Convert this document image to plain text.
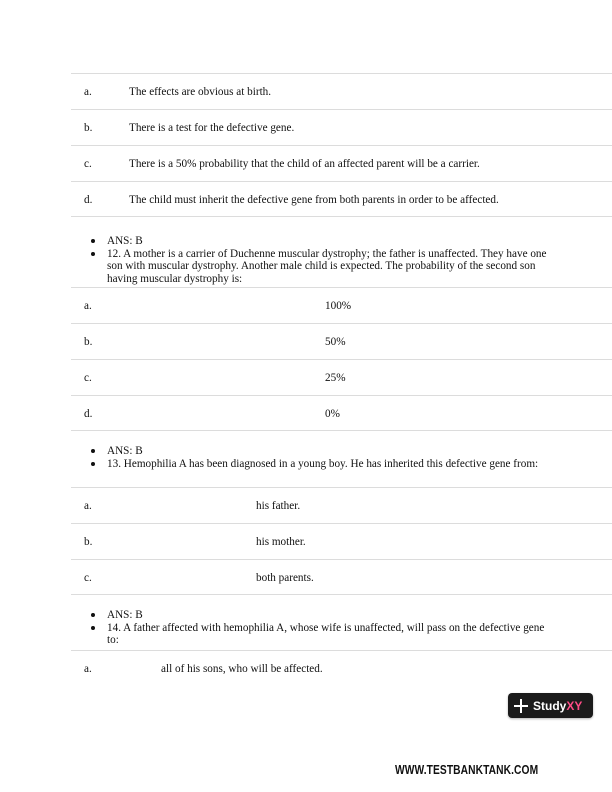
a.	The effects are obvious at birth.
b.	There is a test for the defective gene.
c.	There is a 50% probability that the child of an affected parent will be a carrier.
d.	The child must inherit the defective gene from both parents in order to be affected.
ANS: B
12. A mother is a carrier of Duchenne muscular dystrophy; the father is unaffected. They have one son with muscular dystrophy. Another male child is expected. The probability of the second son having muscular dystrophy is:
a.	100%
b.	50%
c.	25%
d.	0%
ANS: B
13. Hemophilia A has been diagnosed in a young boy. He has inherited this defective gene from:
a.	his father.
b.	his mother.
c.	both parents.
ANS: B
14. A father affected with hemophilia A, whose wife is unaffected, will pass on the defective gene to:
a.	all of his sons, who will be affected.
StudyXY
WWW.TESTBANKTANK.COM
